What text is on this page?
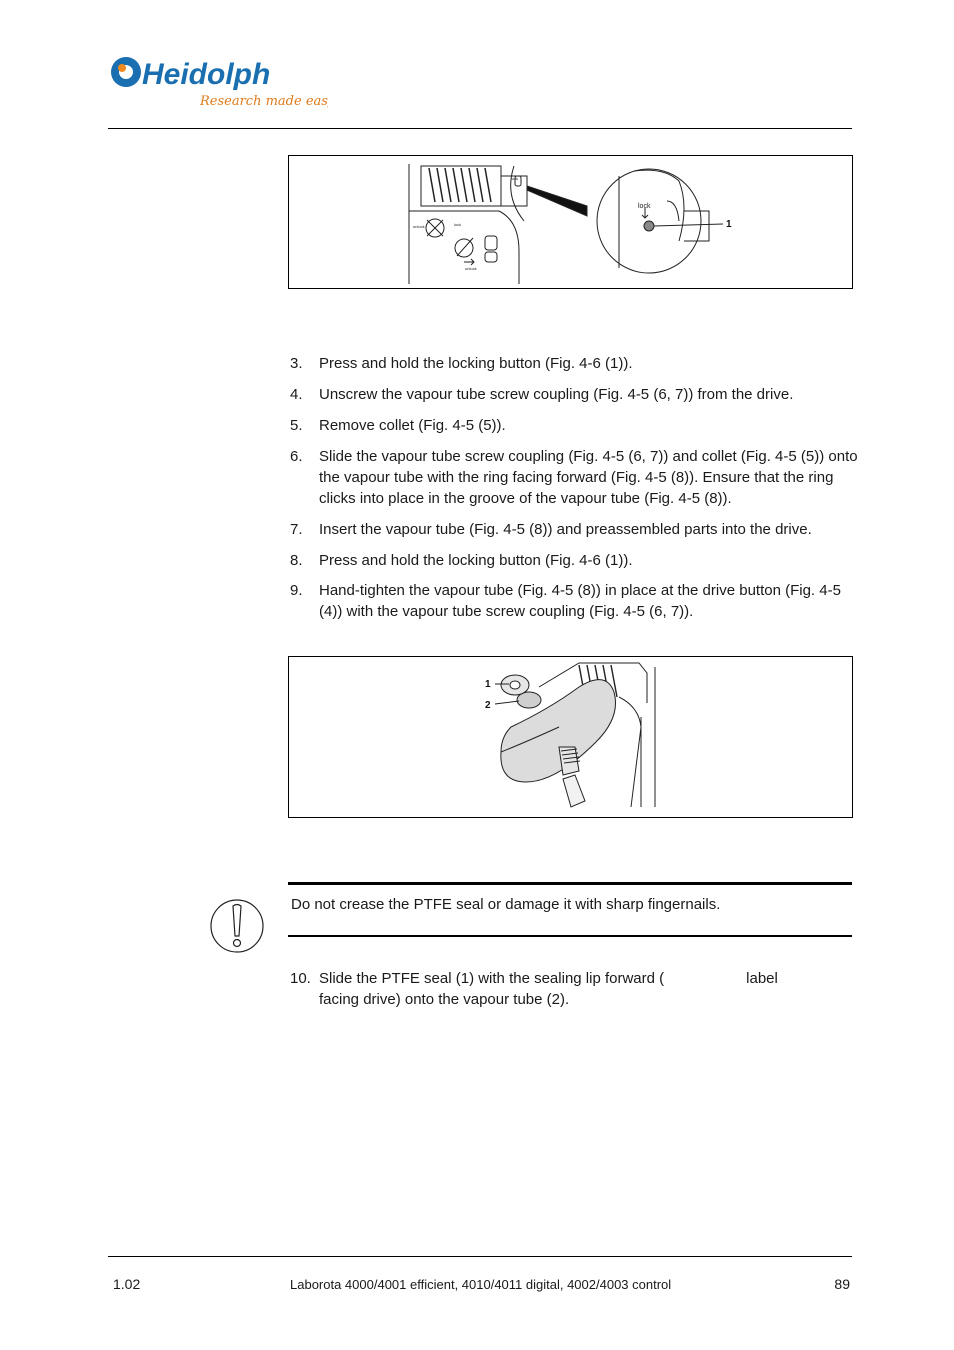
Heidolph
Research made easy
lock
unlock	lock
unlock
lock
1
3.	Press and hold the locking button (Fig. 4-6 (1)).
4.	Unscrew the vapour tube screw coupling (Fig. 4-5 (6, 7)) from the drive.
5.	Remove collet (Fig. 4-5 (5)).
6.	Slide the vapour tube screw coupling (Fig. 4-5 (6, 7)) and collet (Fig. 4-5 (5)) onto the vapour tube with the ring facing forward (Fig. 4-5 (8)). Ensure that the ring clicks into place in the groove of the vapour tube (Fig. 4-5 (8)).
7.	Insert the vapour tube (Fig. 4-5 (8)) and preassembled parts into the drive.
8.	Press and hold the locking button (Fig. 4-6 (1)).
9.	Hand-tighten the vapour tube (Fig. 4-5 (8)) in place at the drive button (Fig. 4-5 (4)) with the vapour tube screw coupling (Fig. 4-5 (6, 7)).
1
2
Do not crease the PTFE seal or damage it with sharp fingernails.
10. Slide the PTFE seal (1) with the sealing lip forward (	label
facing drive) onto the vapour tube (2).
1.02	Laborota 4000/4001 efficient, 4010/4011 digital, 4002/4003 control	89
